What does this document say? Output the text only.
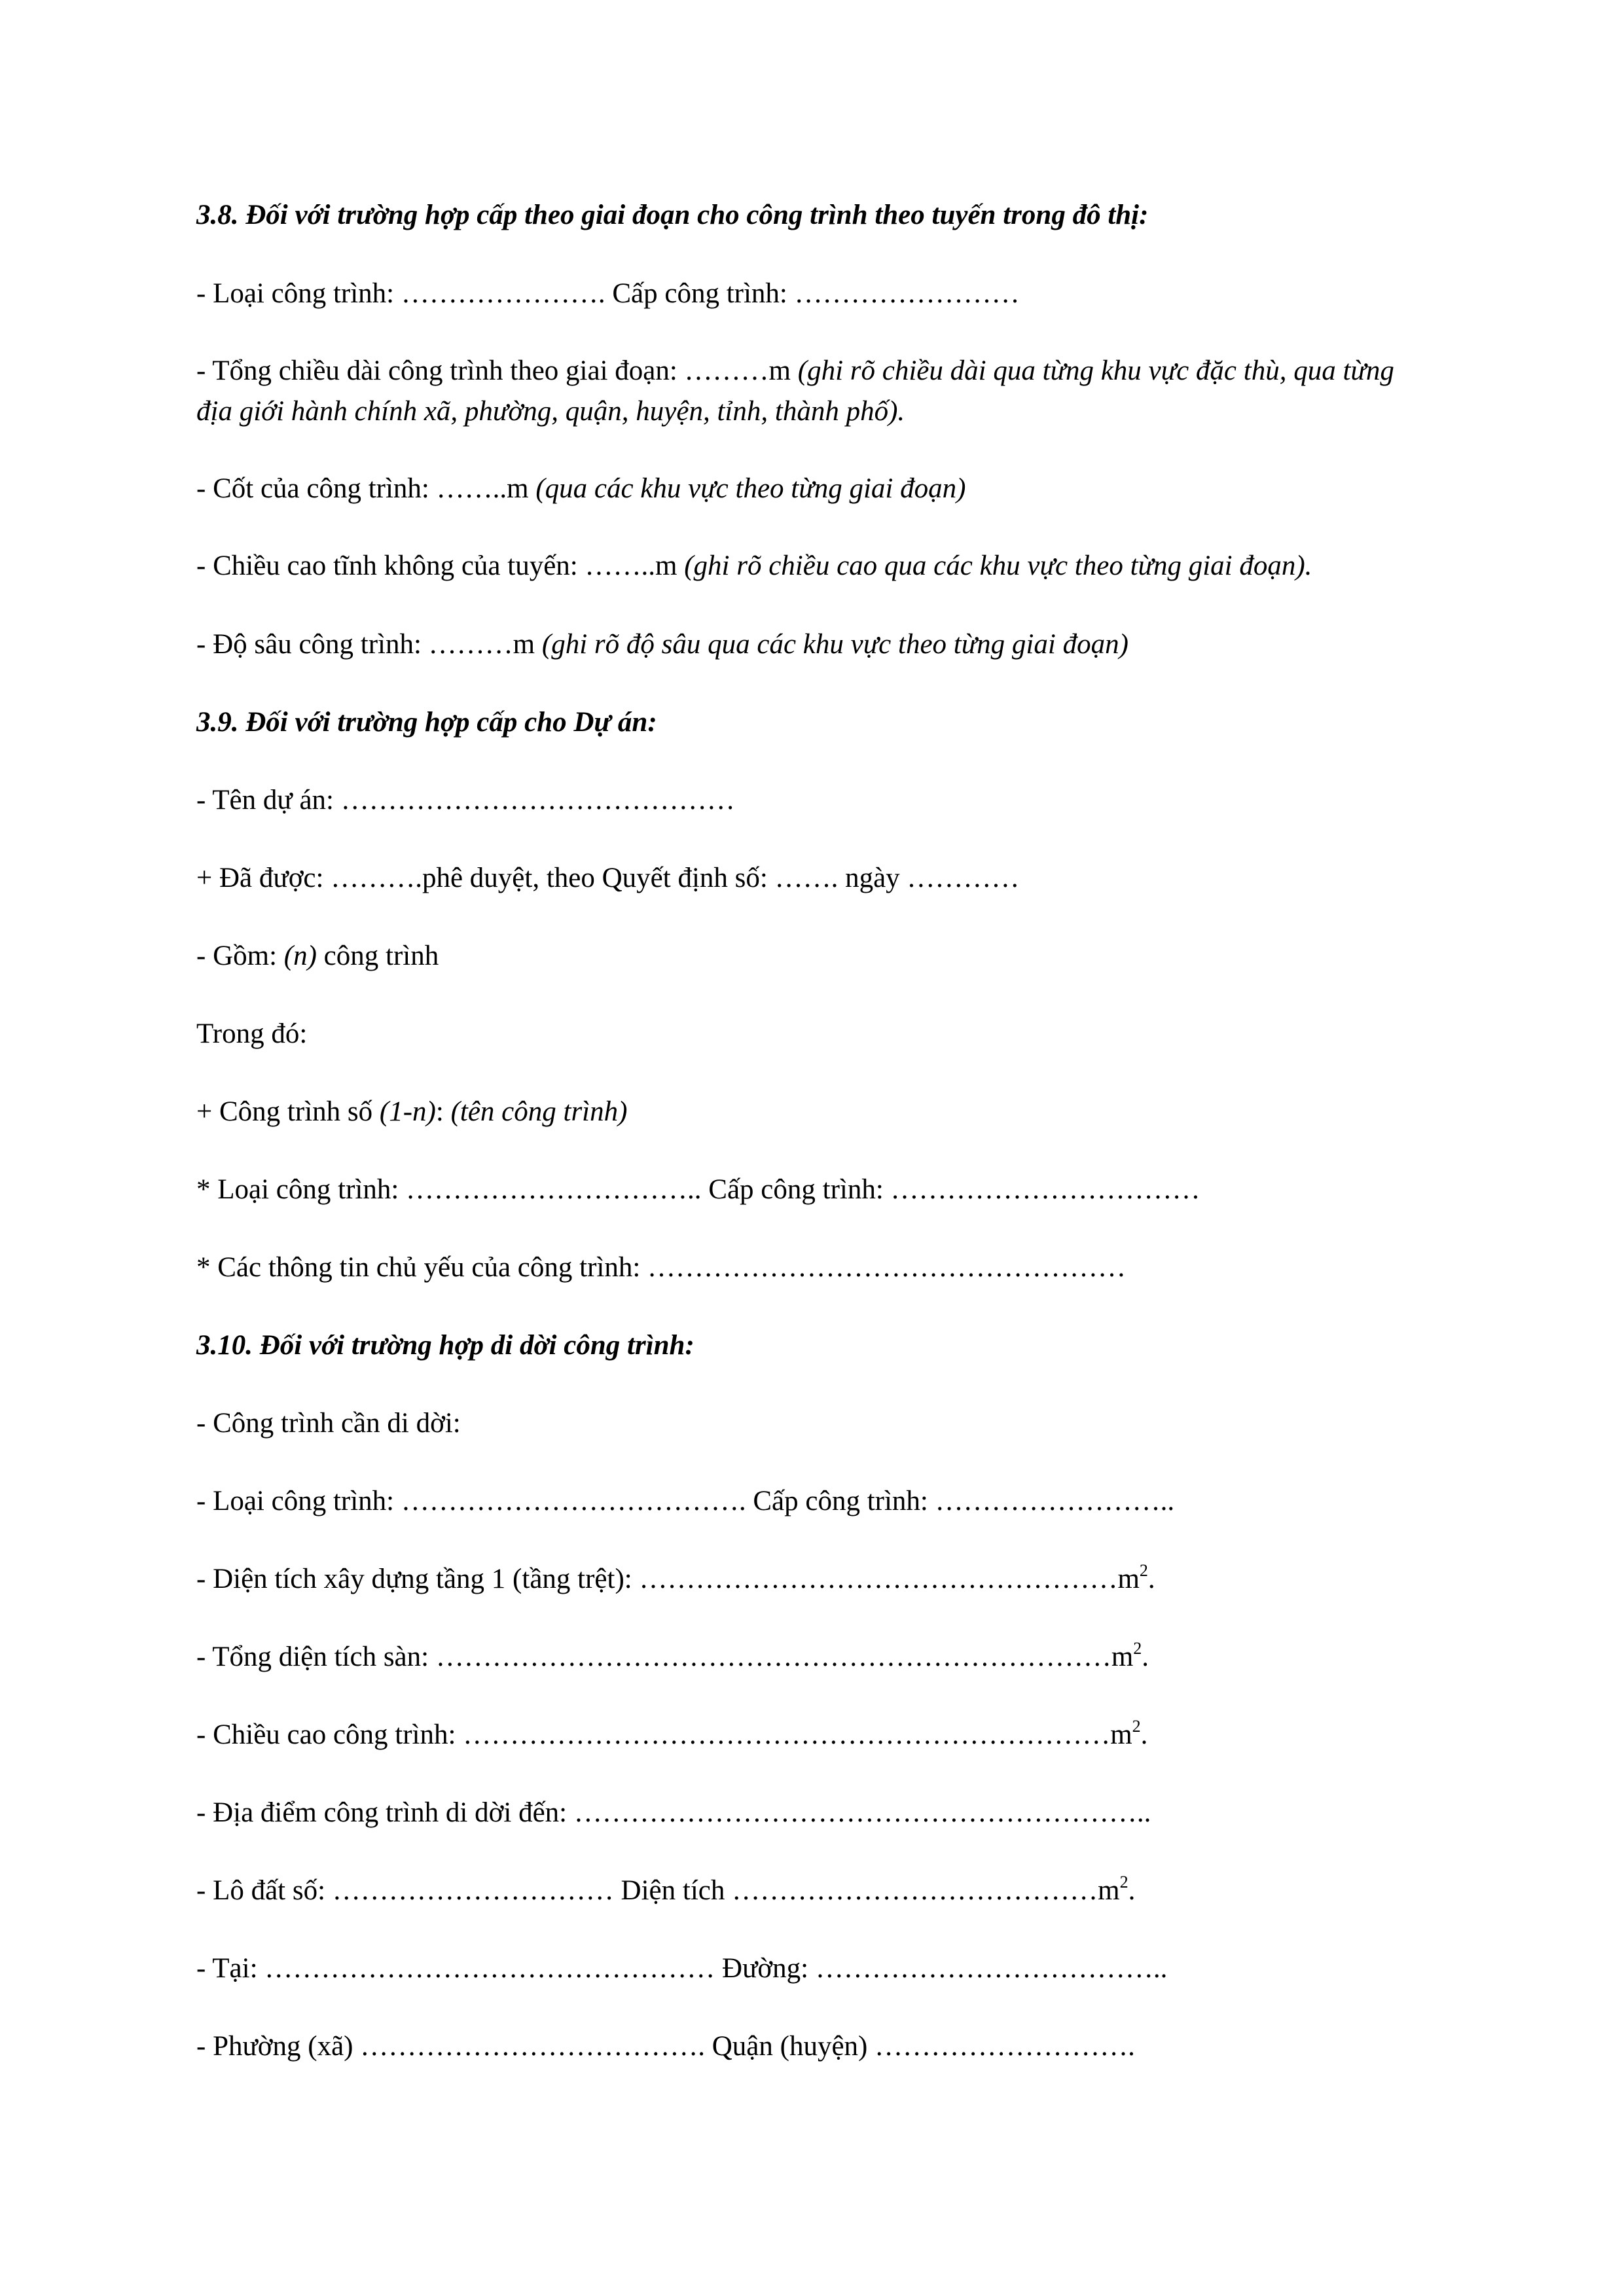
3.8. Đối với trường hợp cấp theo giai đoạn cho công trình theo tuyến trong đô thị:
- Loại công trình: …………………. Cấp công trình: ……………………
- Tổng chiều dài công trình theo giai đoạn: ………m (ghi rõ chiều dài qua từng khu vực đặc thù, qua từng địa giới hành chính xã, phường, quận, huyện, tỉnh, thành phố).
- Cốt của công trình: ……..m (qua các khu vực theo từng giai đoạn)
- Chiều cao tĩnh không của tuyến: ……..m (ghi rõ chiều cao qua các khu vực theo từng giai đoạn).
- Độ sâu công trình: ………m (ghi rõ độ sâu qua các khu vực theo từng giai đoạn)
3.9. Đối với trường hợp cấp cho Dự án:
- Tên dự án: ……………………………………
+ Đã được: ……….phê duyệt, theo Quyết định số: ……. ngày …………
- Gồm: (n) công trình
Trong đó:
+ Công trình số (1-n): (tên công trình)
* Loại công trình: ………………………….. Cấp công trình: ……………………………
* Các thông tin chủ yếu của công trình: ……………………………………………
3.10. Đối với trường hợp di dời công trình:
- Công trình cần di dời:
- Loại công trình: ………………………………. Cấp công trình: ……………………..
- Diện tích xây dựng tầng 1 (tầng trệt): $\dots\dots\dots\dots\dots\dots\dots\dots\dots\dots\dots\dots\dots\dots\dots\dots\dots m^2$.
- Tổng diện tích sàn: $\dots\dots\dots\dots\dots\dots\dots\dots\dots\dots\dots\dots\dots\dots\dots\dots\dots\dots\dots\dots\dots\dots\dots\dots m^2$.
- Chiều cao công trình: $\dots\dots\dots\dots\dots\dots\dots\dots\dots\dots\dots\dots\dots\dots\dots\dots\dots\dots\dots\dots\dots\dots\dots m^2$.
- Địa điểm công trình di dời đến: ……………………………………………………..
- Lô đất số: ………………………… Diện tích $\dots\dots\dots\dots\dots\dots\dots\dots\dots\dots\dots\dots\dots m^2$.
- Tại: ………………………………………… Đường: ………………………………..
- Phường (xã) ………………………………. Quận (huyện) ……………………….
